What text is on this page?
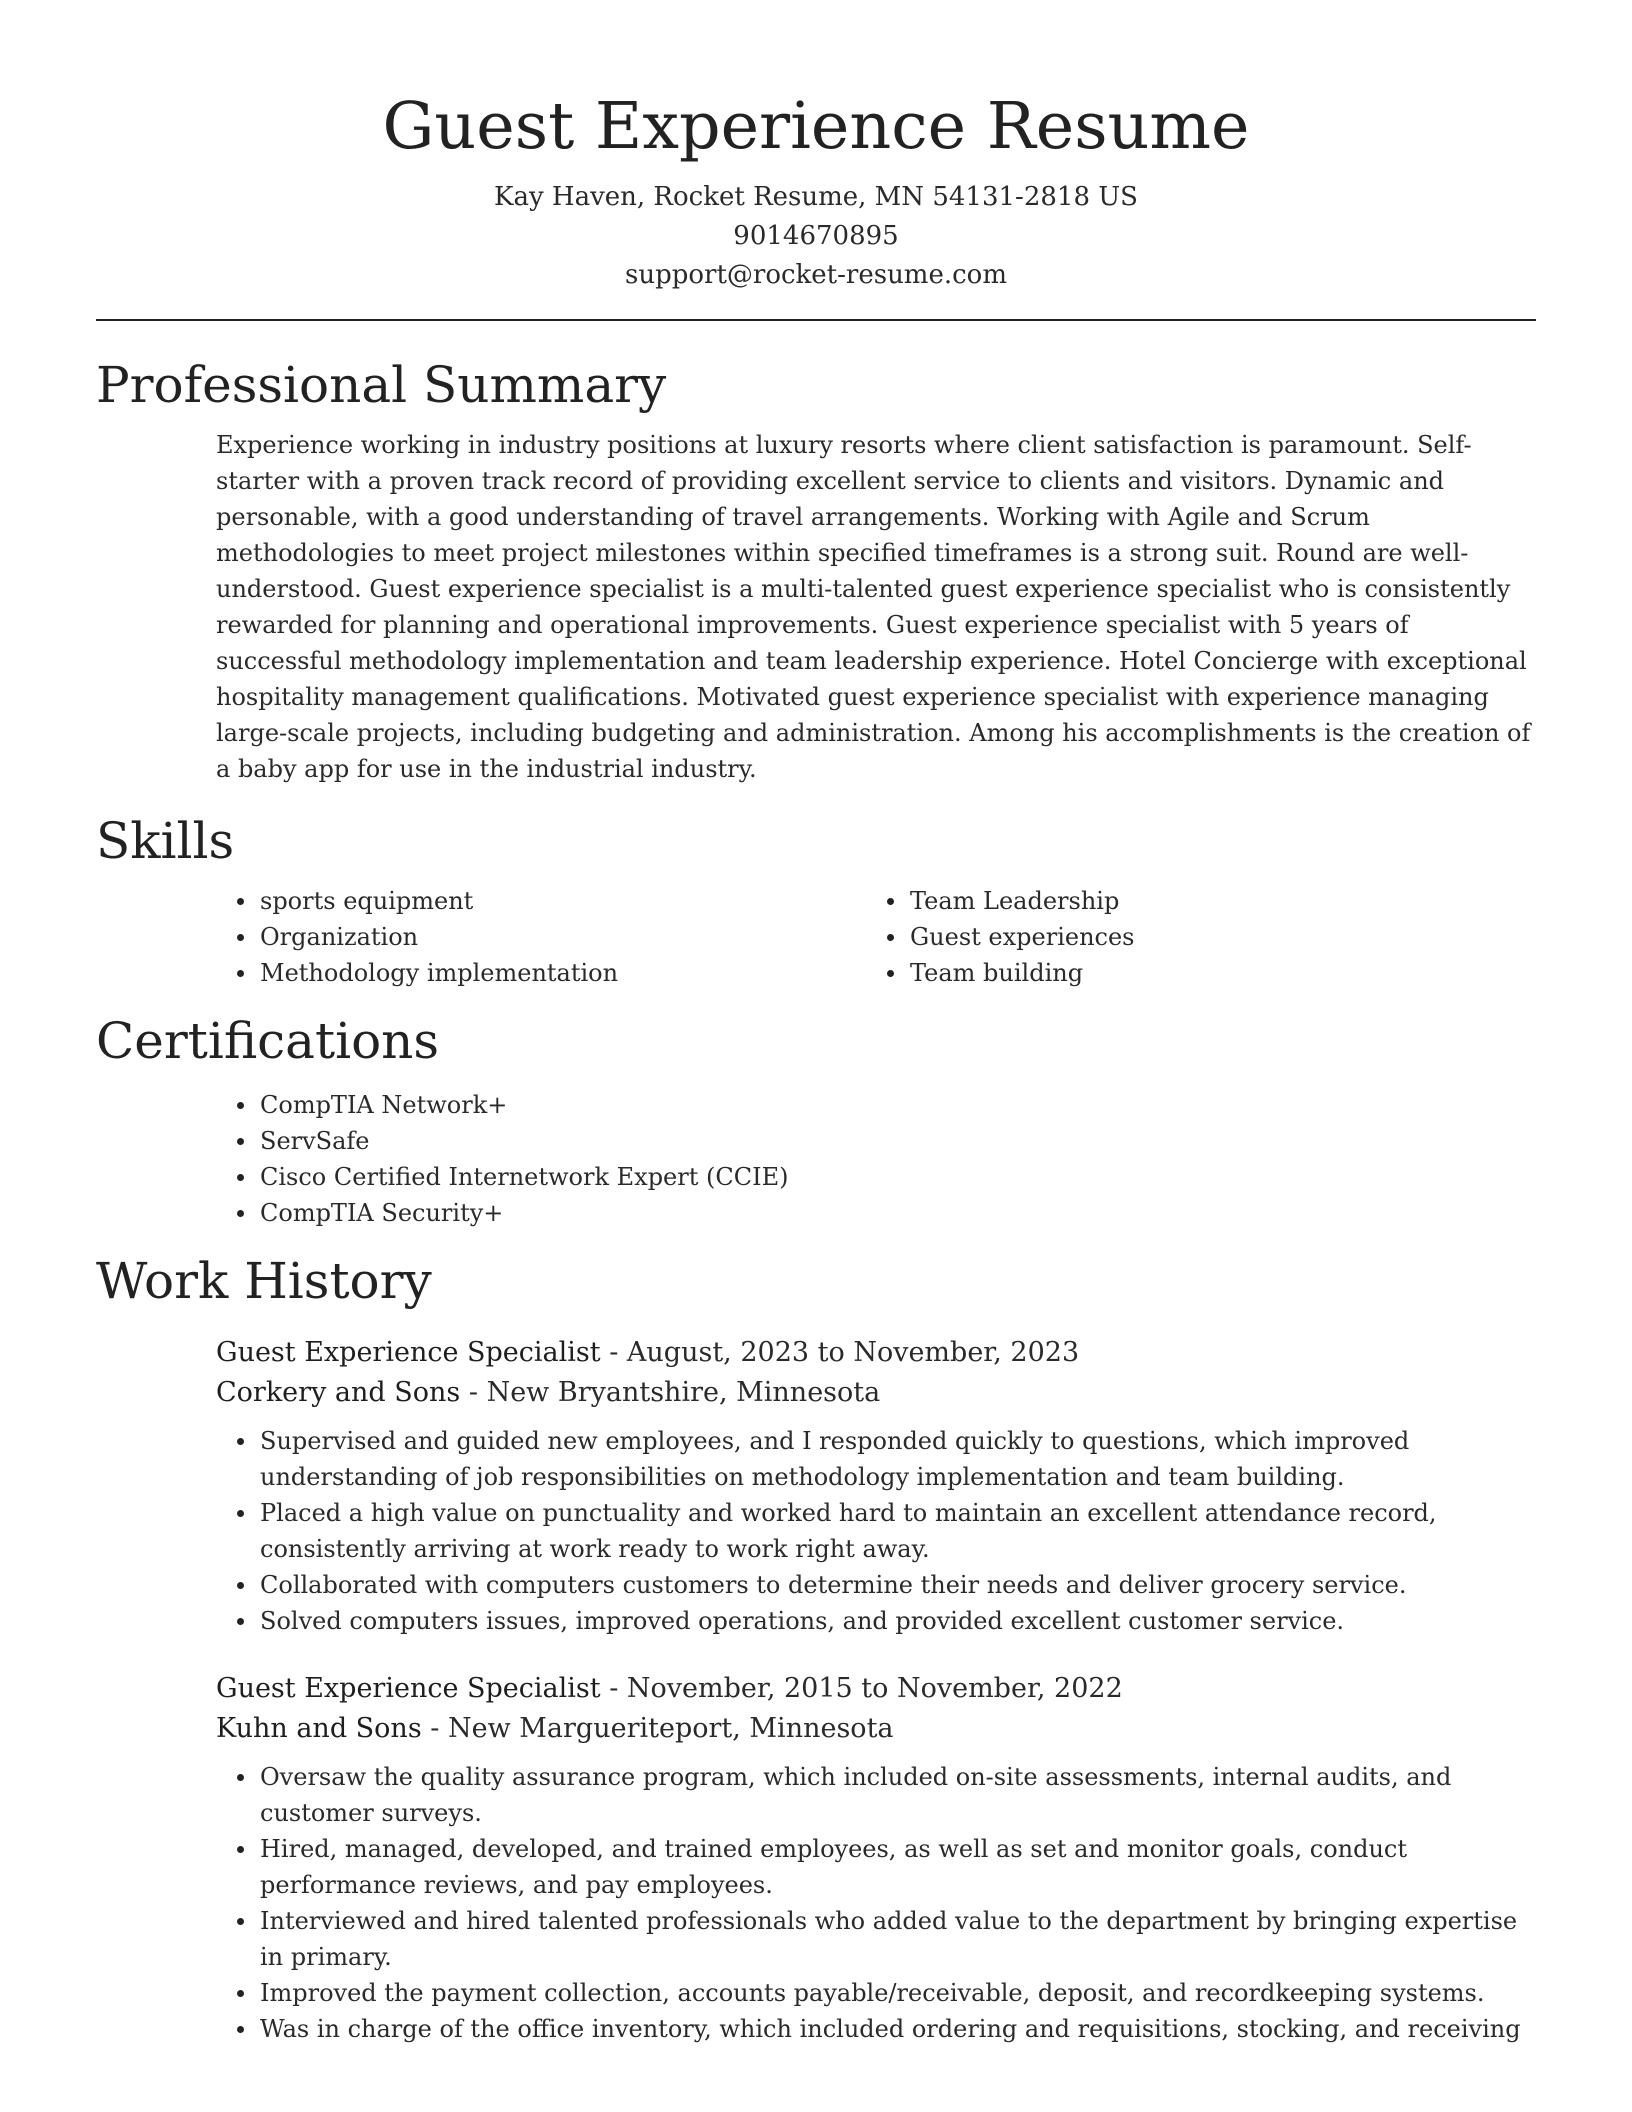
Guest Experience Resume
Kay Haven, Rocket Resume, MN 54131-2818 US
9014670895
support@rocket-resume.com
Professional Summary

Experience working in industry positions at luxury resorts where client satisfaction is paramount. Self-starter with a proven track record of providing excellent service to clients and visitors. Dynamic and personable, with a good understanding of travel arrangements. Working with Agile and Scrum methodologies to meet project milestones within specified timeframes is a strong suit. Round are well-understood. Guest experience specialist is a multi-talented guest experience specialist who is consistently rewarded for planning and operational improvements. Guest experience specialist with 5 years of successful methodology implementation and team leadership experience. Hotel Concierge with exceptional hospitality management qualifications. Motivated guest experience specialist with experience managing large-scale projects, including budgeting and administration. Among his accomplishments is the creation of a baby app for use in the industrial industry.

Skills
sports equipment
Organization
Methodology implementation
Team Leadership
Guest experiences
Team building
Certifications
CompTIA Network+
ServSafe
Cisco Certified Internetwork Expert (CCIE)
CompTIA Security+
Work History
Guest Experience Specialist - August, 2023 to November, 2023
Corkery and Sons - New Bryantshire, Minnesota
Supervised and guided new employees, and I responded quickly to questions, which improved understanding of job responsibilities on methodology implementation and team building.
Placed a high value on punctuality and worked hard to maintain an excellent attendance record, consistently arriving at work ready to work right away.
Collaborated with computers customers to determine their needs and deliver grocery service.
Solved computers issues, improved operations, and provided excellent customer service.
Guest Experience Specialist - November, 2015 to November, 2022
Kuhn and Sons - New Margueriteport, Minnesota
Oversaw the quality assurance program, which included on-site assessments, internal audits, and customer surveys.
Hired, managed, developed, and trained employees, as well as set and monitor goals, conduct performance reviews, and pay employees.
Interviewed and hired talented professionals who added value to the department by bringing expertise in primary.
Improved the payment collection, accounts payable/receivable, deposit, and recordkeeping systems.
Was in charge of the office inventory, which included ordering and requisitions, stocking, and receiving
